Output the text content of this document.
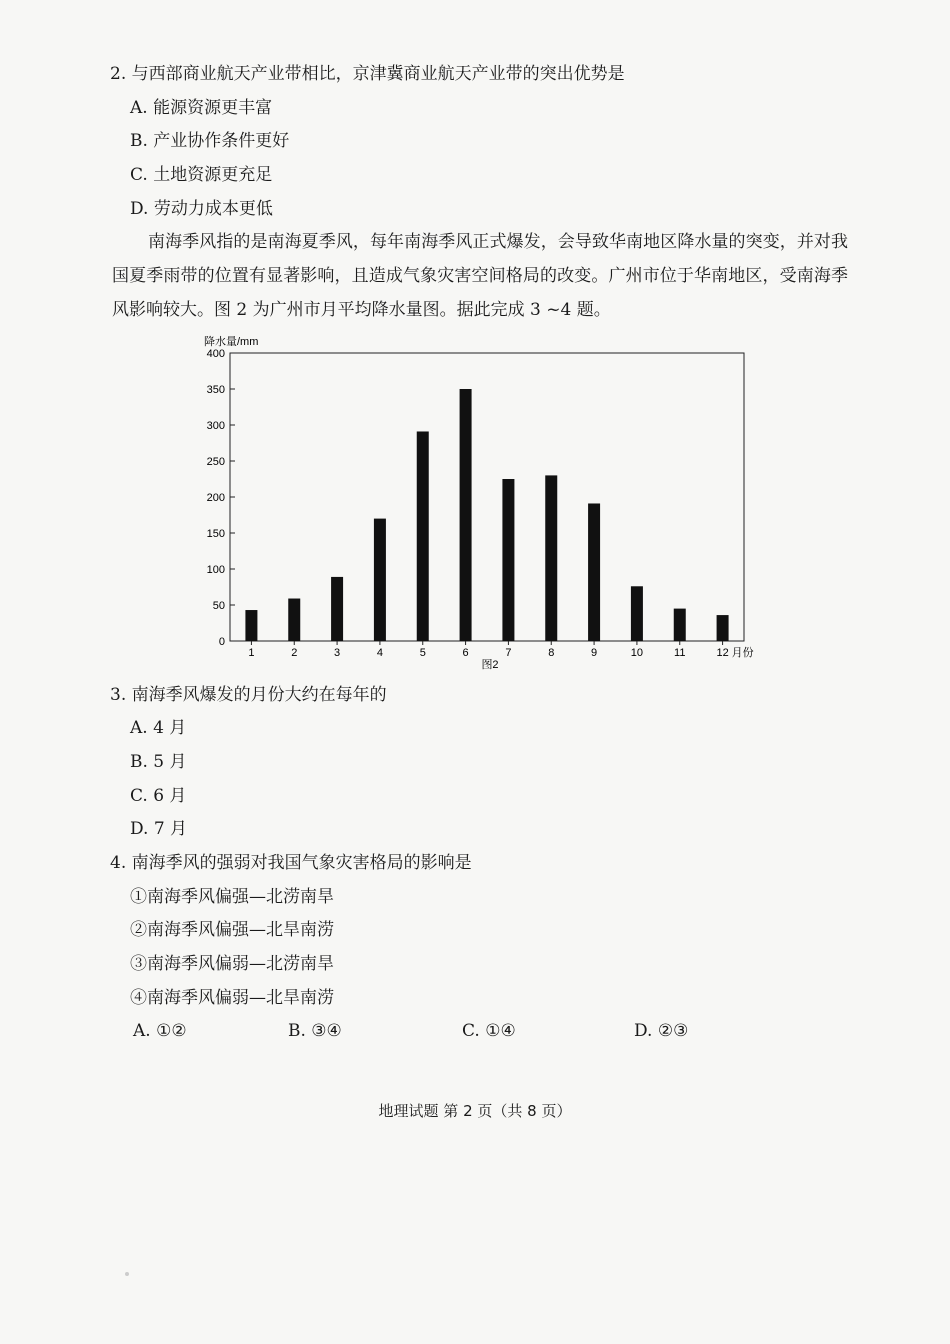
2. 与西部商业航天产业带相比，京津冀商业航天产业带的突出优势是
A. 能源资源更丰富
B. 产业协作条件更好
C. 土地资源更充足
D. 劳动力成本更低
南海季风指的是南海夏季风，每年南海季风正式爆发，会导致华南地区降水量的突变，并对我国夏季雨带的位置有显著影响，且造成气象灾害空间格局的改变。广州市位于华南地区，受南海季风影响较大。图 2 为广州市月平均降水量图。据此完成 3 ~4 题。
降水量/mm
0
50
100
150
200
250
300
350
400
1	2	3	4	5	6	7	8	9	10	11	12 月份
图2
3. 南海季风爆发的月份大约在每年的
A. 4 月
B. 5 月
C. 6 月
D. 7 月
4. 南海季风的强弱对我国气象灾害格局的影响是
①南海季风偏强—北涝南旱
②南海季风偏强—北旱南涝
③南海季风偏弱—北涝南旱
④南海季风偏弱—北旱南涝
A. ①②	B. ③④	C. ①④	D. ②③
地理试题 第 2 页（共 8 页）
